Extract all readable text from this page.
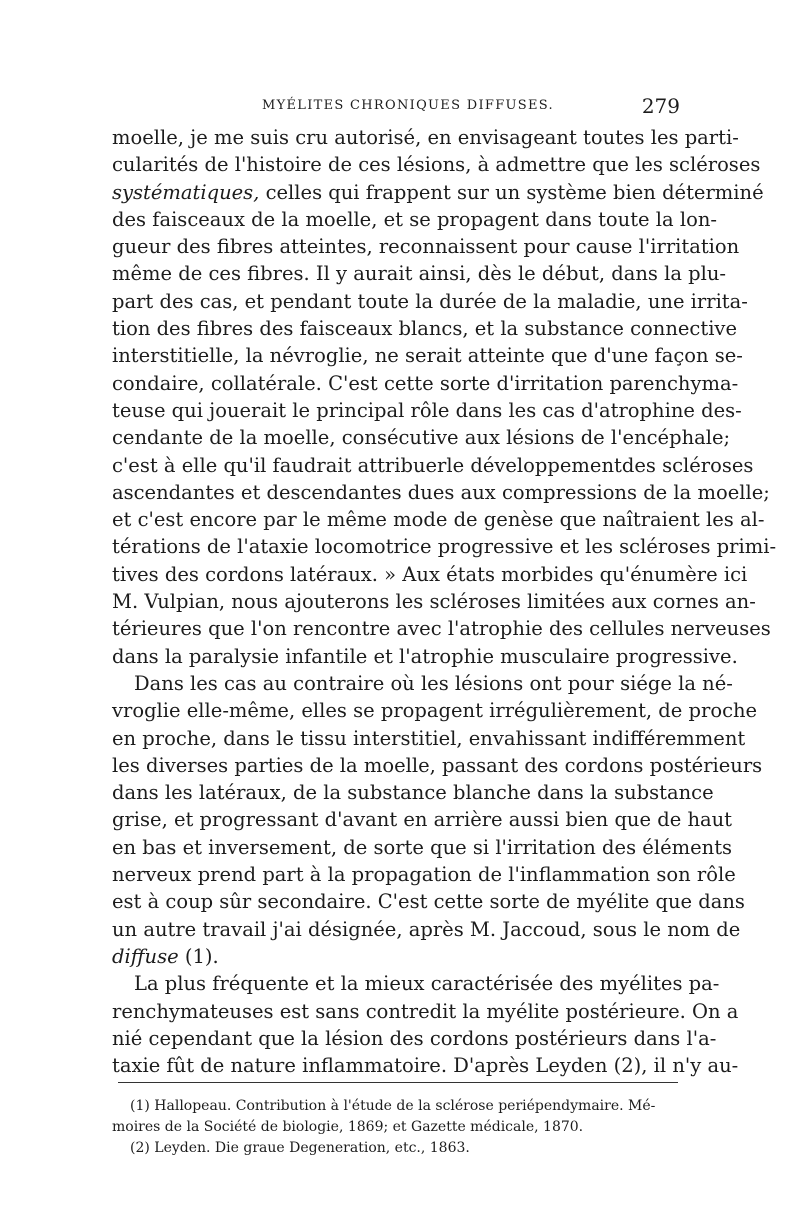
MYÉLITES CHRONIQUES DIFFUSES.	279
moelle, je me suis cru autorisé, en envisageant toutes les parti-
cularités de l'histoire de ces lésions, à admettre que les scléroses
systématiques, celles qui frappent sur un système bien déterminé
des faisceaux de la moelle, et se propagent dans toute la lon-
gueur des fibres atteintes, reconnaissent pour cause l'irritation
même de ces fibres. Il y aurait ainsi, dès le début, dans la plu-
part des cas, et pendant toute la durée de la maladie, une irrita-
tion des fibres des faisceaux blancs, et la substance connective
interstitielle, la névroglie, ne serait atteinte que d'une façon se-
condaire, collatérale. C'est cette sorte d'irritation parenchyma-
teuse qui jouerait le principal rôle dans les cas d'atrophine des-
cendante de la moelle, consécutive aux lésions de l'encéphale;
c'est à elle qu'il faudrait attribuerle développementdes scléroses
ascendantes et descendantes dues aux compressions de la moelle;
et c'est encore par le même mode de genèse que naîtraient les al-
térations de l'ataxie locomotrice progressive et les scléroses primi-
tives des cordons latéraux. » Aux états morbides qu'énumère ici
M. Vulpian, nous ajouterons les scléroses limitées aux cornes an-
térieures que l'on rencontre avec l'atrophie des cellules nerveuses
dans la paralysie infantile et l'atrophie musculaire progressive.
Dans les cas au contraire où les lésions ont pour siége la né-
vroglie elle-même, elles se propagent irrégulièrement, de proche
en proche, dans le tissu interstitiel, envahissant indifféremment
les diverses parties de la moelle, passant des cordons postérieurs
dans les latéraux, de la substance blanche dans la substance
grise, et progressant d'avant en arrière aussi bien que de haut
en bas et inversement, de sorte que si l'irritation des éléments
nerveux prend part à la propagation de l'inflammation son rôle
est à coup sûr secondaire. C'est cette sorte de myélite que dans
un autre travail j'ai désignée, après M. Jaccoud, sous le nom de
diffuse (1).
La plus fréquente et la mieux caractérisée des myélites pa-
renchymateuses est sans contredit la myélite postérieure. On a
nié cependant que la lésion des cordons postérieurs dans l'a-
taxie fût de nature inflammatoire. D'après Leyden (2), il n'y au-
(1) Hallopeau. Contribution à l'étude de la sclérose periépendymaire. Mé-
moires de la Société de biologie, 1869; et Gazette médicale, 1870.
(2) Leyden. Die graue Degeneration, etc., 1863.
